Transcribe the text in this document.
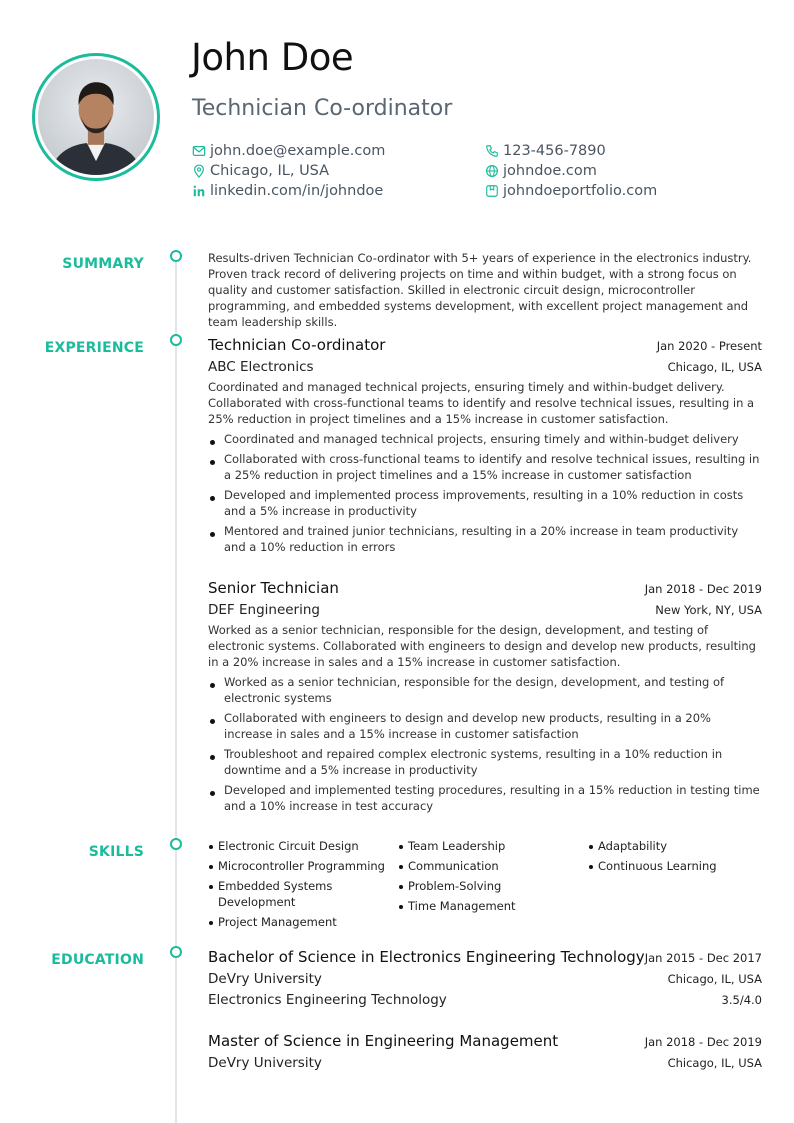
John Doe
Technician Co-ordinator
john.doe@example.com
Chicago, IL, USA
linkedin.com/in/johndoe
123-456-7890
johndoe.com
johndoeportfolio.com
SUMMARY
EXPERIENCE
SKILLS
EDUCATION

Results-driven Technician Co-ordinator with 5+ years of experience in the electronics industry. Proven track record of delivering projects on time and within budget, with a strong focus on quality and customer satisfaction. Skilled in electronic circuit design, microcontroller programming, and embedded systems development, with excellent project management and team leadership skills.

Technician Co-ordinator	Jan 2020 - Present
ABC Electronics	Chicago, IL, USA

Coordinated and managed technical projects, ensuring timely and within-budget delivery. Collaborated with cross-functional teams to identify and resolve technical issues, resulting in a 25% reduction in project timelines and a 15% increase in customer satisfaction.

Coordinated and managed technical projects, ensuring timely and within-budget delivery
Collaborated with cross-functional teams to identify and resolve technical issues, resulting in a 25% reduction in project timelines and a 15% increase in customer satisfaction
Developed and implemented process improvements, resulting in a 10% reduction in costs and a 5% increase in productivity
Mentored and trained junior technicians, resulting in a 20% increase in team productivity and a 10% reduction in errors
Senior Technician	Jan 2018 - Dec 2019
DEF Engineering	New York, NY, USA

Worked as a senior technician, responsible for the design, development, and testing of electronic systems. Collaborated with engineers to design and develop new products, resulting in a 20% increase in sales and a 15% increase in customer satisfaction.

Worked as a senior technician, responsible for the design, development, and testing of electronic systems
Collaborated with engineers to design and develop new products, resulting in a 20% increase in sales and a 15% increase in customer satisfaction
Troubleshoot and repaired complex electronic systems, resulting in a 10% reduction in downtime and a 5% increase in productivity
Developed and implemented testing procedures, resulting in a 15% reduction in testing time and a 10% increase in test accuracy
Electronic Circuit Design
Microcontroller Programming
Embedded Systems Development
Project Management
Team Leadership
Communication
Problem-Solving
Time Management
Adaptability
Continuous Learning
Bachelor of Science in Electronics Engineering Technology Jan 2015 - Dec 2017
DeVry University	Chicago, IL, USA
Electronics Engineering Technology	3.5/4.0
Master of Science in Engineering Management	Jan 2018 - Dec 2019
DeVry University	Chicago, IL, USA
